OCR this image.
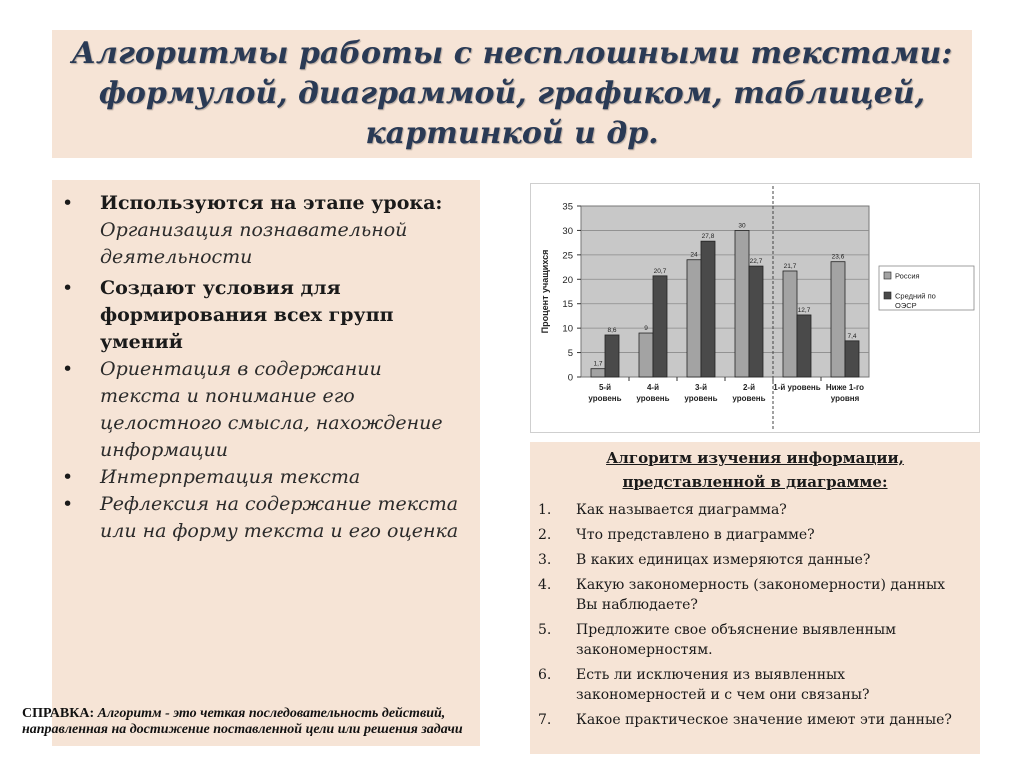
Алгоритмы работы с несплошными текстами: формулой, диаграммой, графиком, таблицей, картинкой и др.
• Используются на этапе урока: Организация познавательной деятельности
• Создают условия для формирования всех групп умений
• Ориентация в содержании текста и понимание его целостного смысла, нахождение информации
• Интерпретация текста
• Рефлексия на содержание текста или на форму текста и его оценка
СПРАВКА: Алгоритм - это четкая последовательность действий, направленная на достижение поставленной цели или решения задачи
0
5
10
15
20
25
30
35
Процент учащихся
1,7
8,6
5-й
уровень
9
20,7
4-й
уровень
24
27,8
3-й
уровень
30
22,7
2-й
уровень
21,7
12,7
1-й уровень
23,6
7,4
Ниже 1-го
уровня
Россия
Средний по
ОЭСР
Алгоритм изучения информации,
представленной в диаграмме:
1. Как называется диаграмма?
2. Что представлено в диаграмме?
3. В каких единицах измеряются данные?
4. Какую закономерность (закономерности) данных Вы наблюдаете?
5. Предложите свое объяснение выявленным закономерностям.
6. Есть ли исключения из выявленных закономерностей и с чем они связаны?
7. Какое практическое значение имеют эти данные?
